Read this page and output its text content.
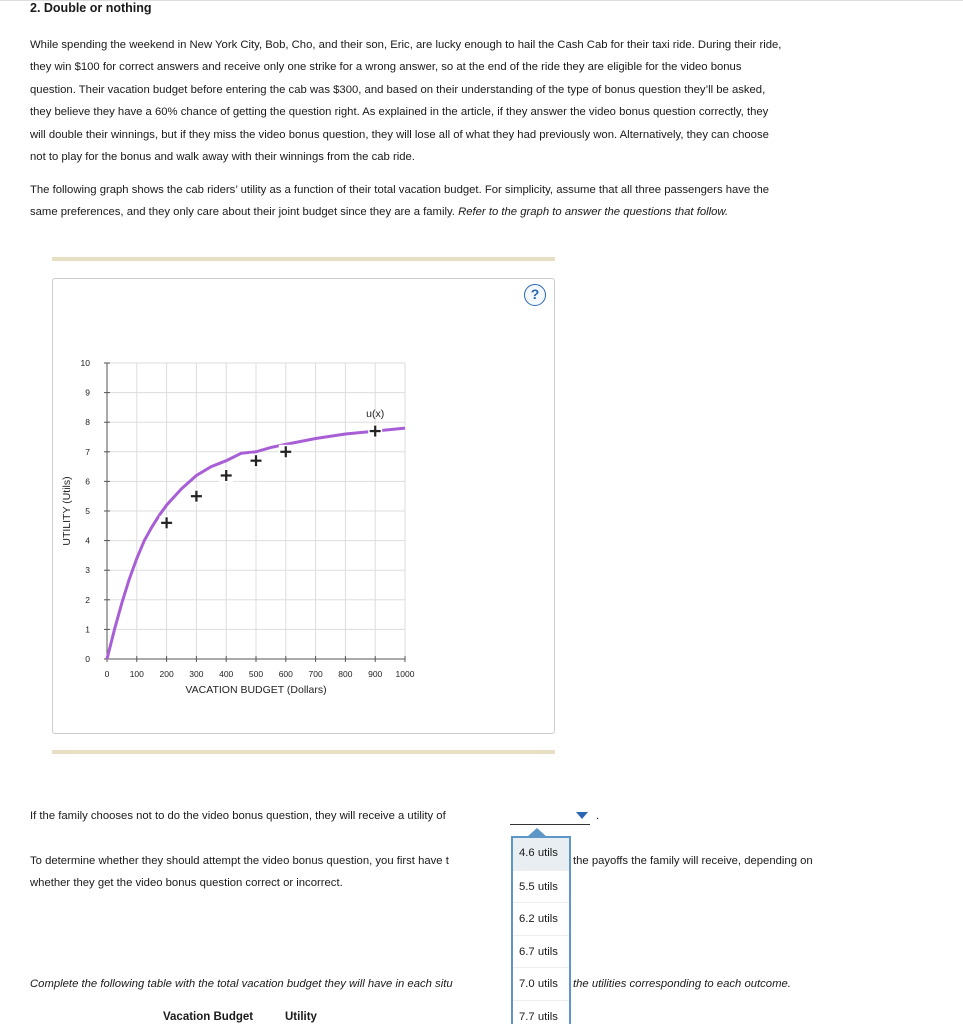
2. Double or nothing
While spending the weekend in New York City, Bob, Cho, and their son, Eric, are lucky enough to hail the Cash Cab for their taxi ride. During their ride,
they win $100 for correct answers and receive only one strike for a wrong answer, so at the end of the ride they are eligible for the video bonus
question. Their vacation budget before entering the cab was $300, and based on their understanding of the type of bonus question they’ll be asked,
they believe they have a 60% chance of getting the question right. As explained in the article, if they answer the video bonus question correctly, they
will double their winnings, but if they miss the video bonus question, they will lose all of what they had previously won. Alternatively, they can choose
not to play for the bonus and walk away with their winnings from the cab ride.
The following graph shows the cab riders’ utility as a function of their total vacation budget. For simplicity, assume that all three passengers have the
same preferences, and they only care about their joint budget since they are a family. Refer to the graph to answer the questions that follow.
?
0 100 200 300 400 500 600 700 800 900 1000
0
1
2
3
4
5
6
7
8
9
10
u(x)
VACATION BUDGET (Dollars)
UTILITY (Utils)
If the family chooses not to do the video bonus question, they will receive a utility of	.
To determine whether they should attempt the video bonus question, you first have t	the payoffs the family will receive, depending on
whether they get the video bonus question correct or incorrect.
Complete the following table with the total vacation budget they will have in each situ	the utilities corresponding to each outcome.
Vacation Budget	Utility
4.6 utils
5.5 utils
6.2 utils
6.7 utils
7.0 utils
7.7 utils
